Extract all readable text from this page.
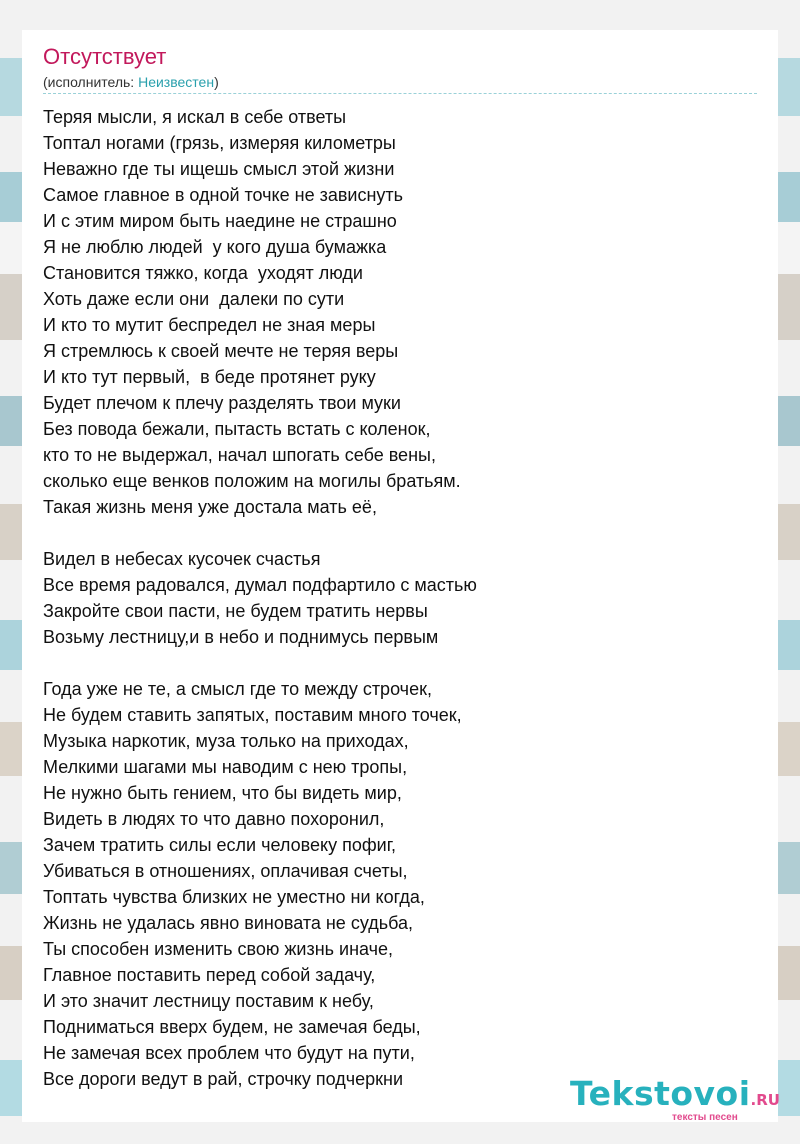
Отсутствует
(исполнитель: Неизвестен)
Теряя мысли, я искал в себе ответы
Топтал ногами (грязь, измеряя километры
Неважно где ты ищешь смысл этой жизни
Самое главное в одной точке не зависнуть
И с этим миром быть наедине не страшно
Я не люблю людей  у кого душа бумажка
Становится тяжко, когда  уходят люди
Хоть даже если они  далеки по сути
И кто то мутит беспредел не зная меры
Я стремлюсь к своей мечте не теряя веры
И кто тут первый,  в беде протянет руку
Будет плечом к плечу разделять твои муки
Без повода бежали, пытасть встать с коленок,
кто то не выдержал, начал шпогать себе вены,
сколько еще венков положим на могилы братьям.
Такая жизнь меня уже достала мать её,
Видел в небесах кусочек счастья
Все время радовался, думал подфартило с мастью
Закройте свои пасти, не будем тратить нервы
Возьму лестницу,и в небо и поднимусь первым
Года уже не те, а смысл где то между строчек,
Не будем ставить запятых, поставим много точек,
Музыка наркотик, муза только на приходах,
Мелкими шагами мы наводим с нею тропы,
Не нужно быть гением, что бы видеть мир,
Видеть в людях то что давно похоронил,
Зачем тратить силы если человеку пофиг,
Убиваться в отношениях, оплачивая счеты,
Топтать чувства близких не уместно ни когда,
Жизнь не удалась явно виновата не судьба,
Ты способен изменить свою жизнь иначе,
Главное поставить перед собой задачу,
И это значит лестницу поставим к небу,
Подниматься вверх будем, не замечая беды,
Не замечая всех проблем что будут на пути,
Все дороги ведут в рай, строчку подчеркни	Tekstovoi.RU
тексты песен
